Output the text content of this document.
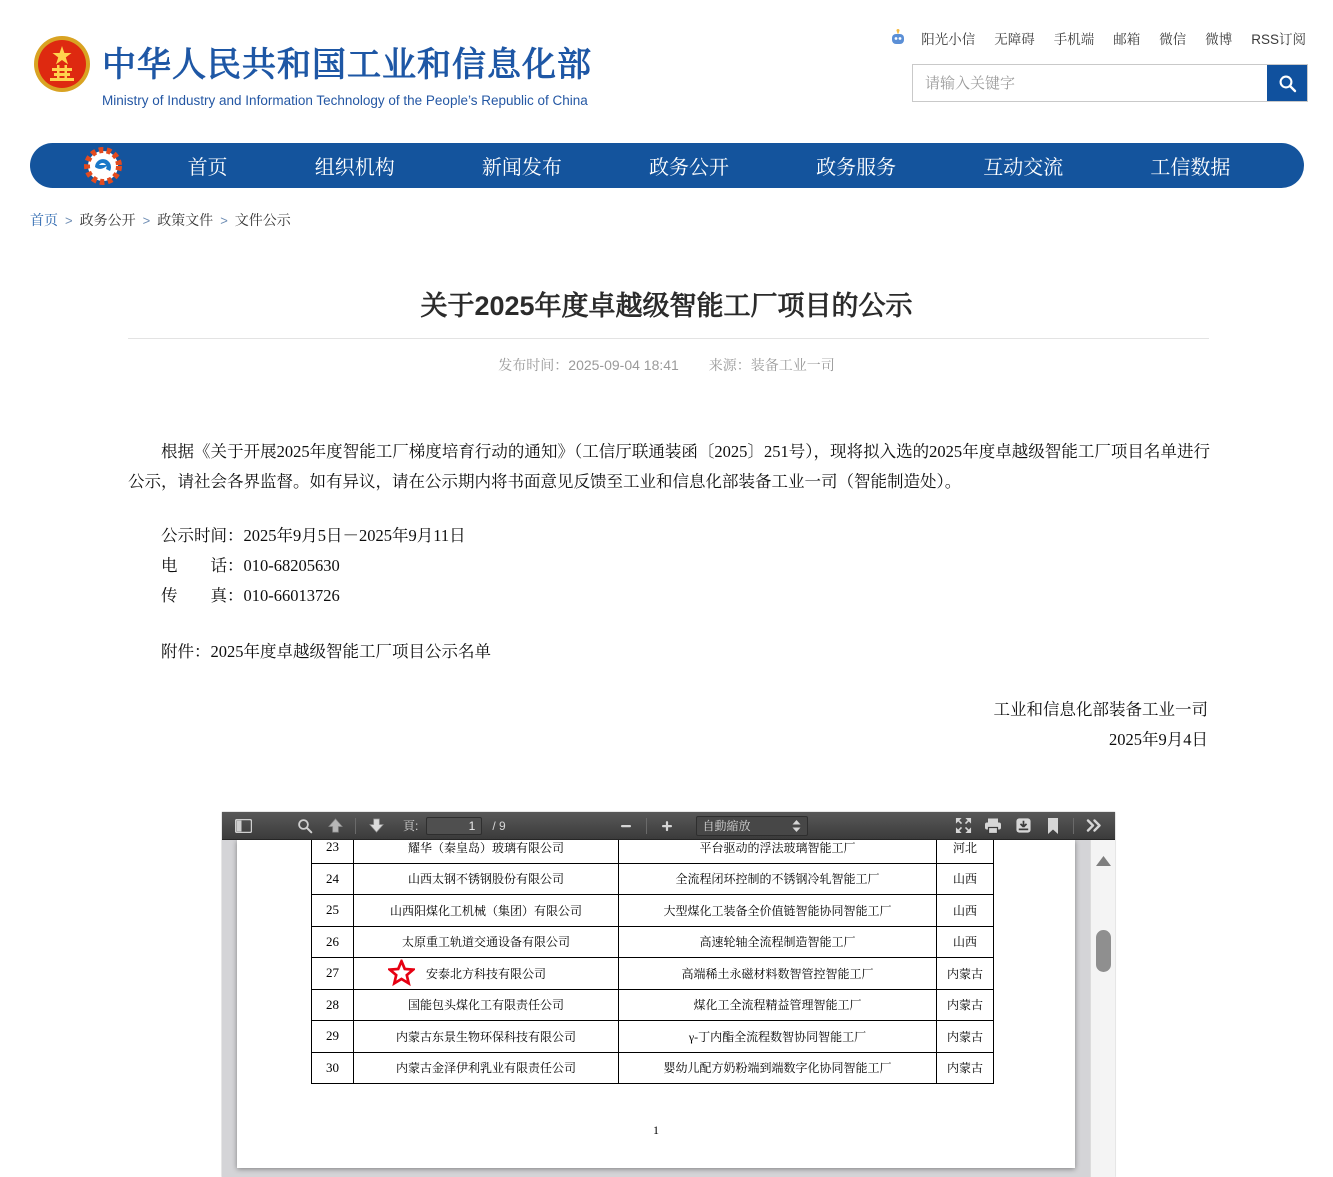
中华人民共和国工业和信息化部
Ministry of Industry and Information Technology of the People’s Republic of China
阳光小信 无障碍 手机端 邮箱 微信 微博 RSS订阅
请输入关键字
首页	组织机构	新闻发布	政务公开	政务服务	互动交流	工信数据
首页 > 政务公开 > 政策文件 > 文件公示
关于2025年度卓越级智能工厂项目的公示
发布时间：2025-09-04 18:41 来源：装备工业一司
根据《关于开展2025年度智能工厂梯度培育行动的通知》（工信厅联通装函〔2025〕251号），现将拟入选的2025年度卓越级智能工厂项目名单进行公示，请社会各界监督。如有异议，请在公示期内将书面意见反馈至工业和信息化部装备工业一司（智能制造处）。
公示时间：2025年9月5日－2025年9月11日
电　　话：010-68205630
传　　真：010-66013726
附件：2025年度卓越级智能工厂项目公示名单
工业和信息化部装备工业一司
2025年9月4日
頁:
1	/ 9	自動縮放
23	耀华（秦皇岛）玻璃有限公司	平台驱动的浮法玻璃智能工厂	河北
24	山西太钢不锈钢股份有限公司	全流程闭环控制的不锈钢冷轧智能工厂	山西
25	山西阳煤化工机械（集团）有限公司	大型煤化工装备全价值链智能协同智能工厂	山西
26	太原重工轨道交通设备有限公司	高速轮轴全流程制造智能工厂	山西
27	安泰北方科技有限公司	高端稀土永磁材料数智管控智能工厂	内蒙古
28	国能包头煤化工有限责任公司	煤化工全流程精益管理智能工厂	内蒙古
29	内蒙古东景生物环保科技有限公司	γ-丁内酯全流程数智协同智能工厂	内蒙古
30	内蒙古金泽伊利乳业有限责任公司	婴幼儿配方奶粉端到端数字化协同智能工厂	内蒙古
1
